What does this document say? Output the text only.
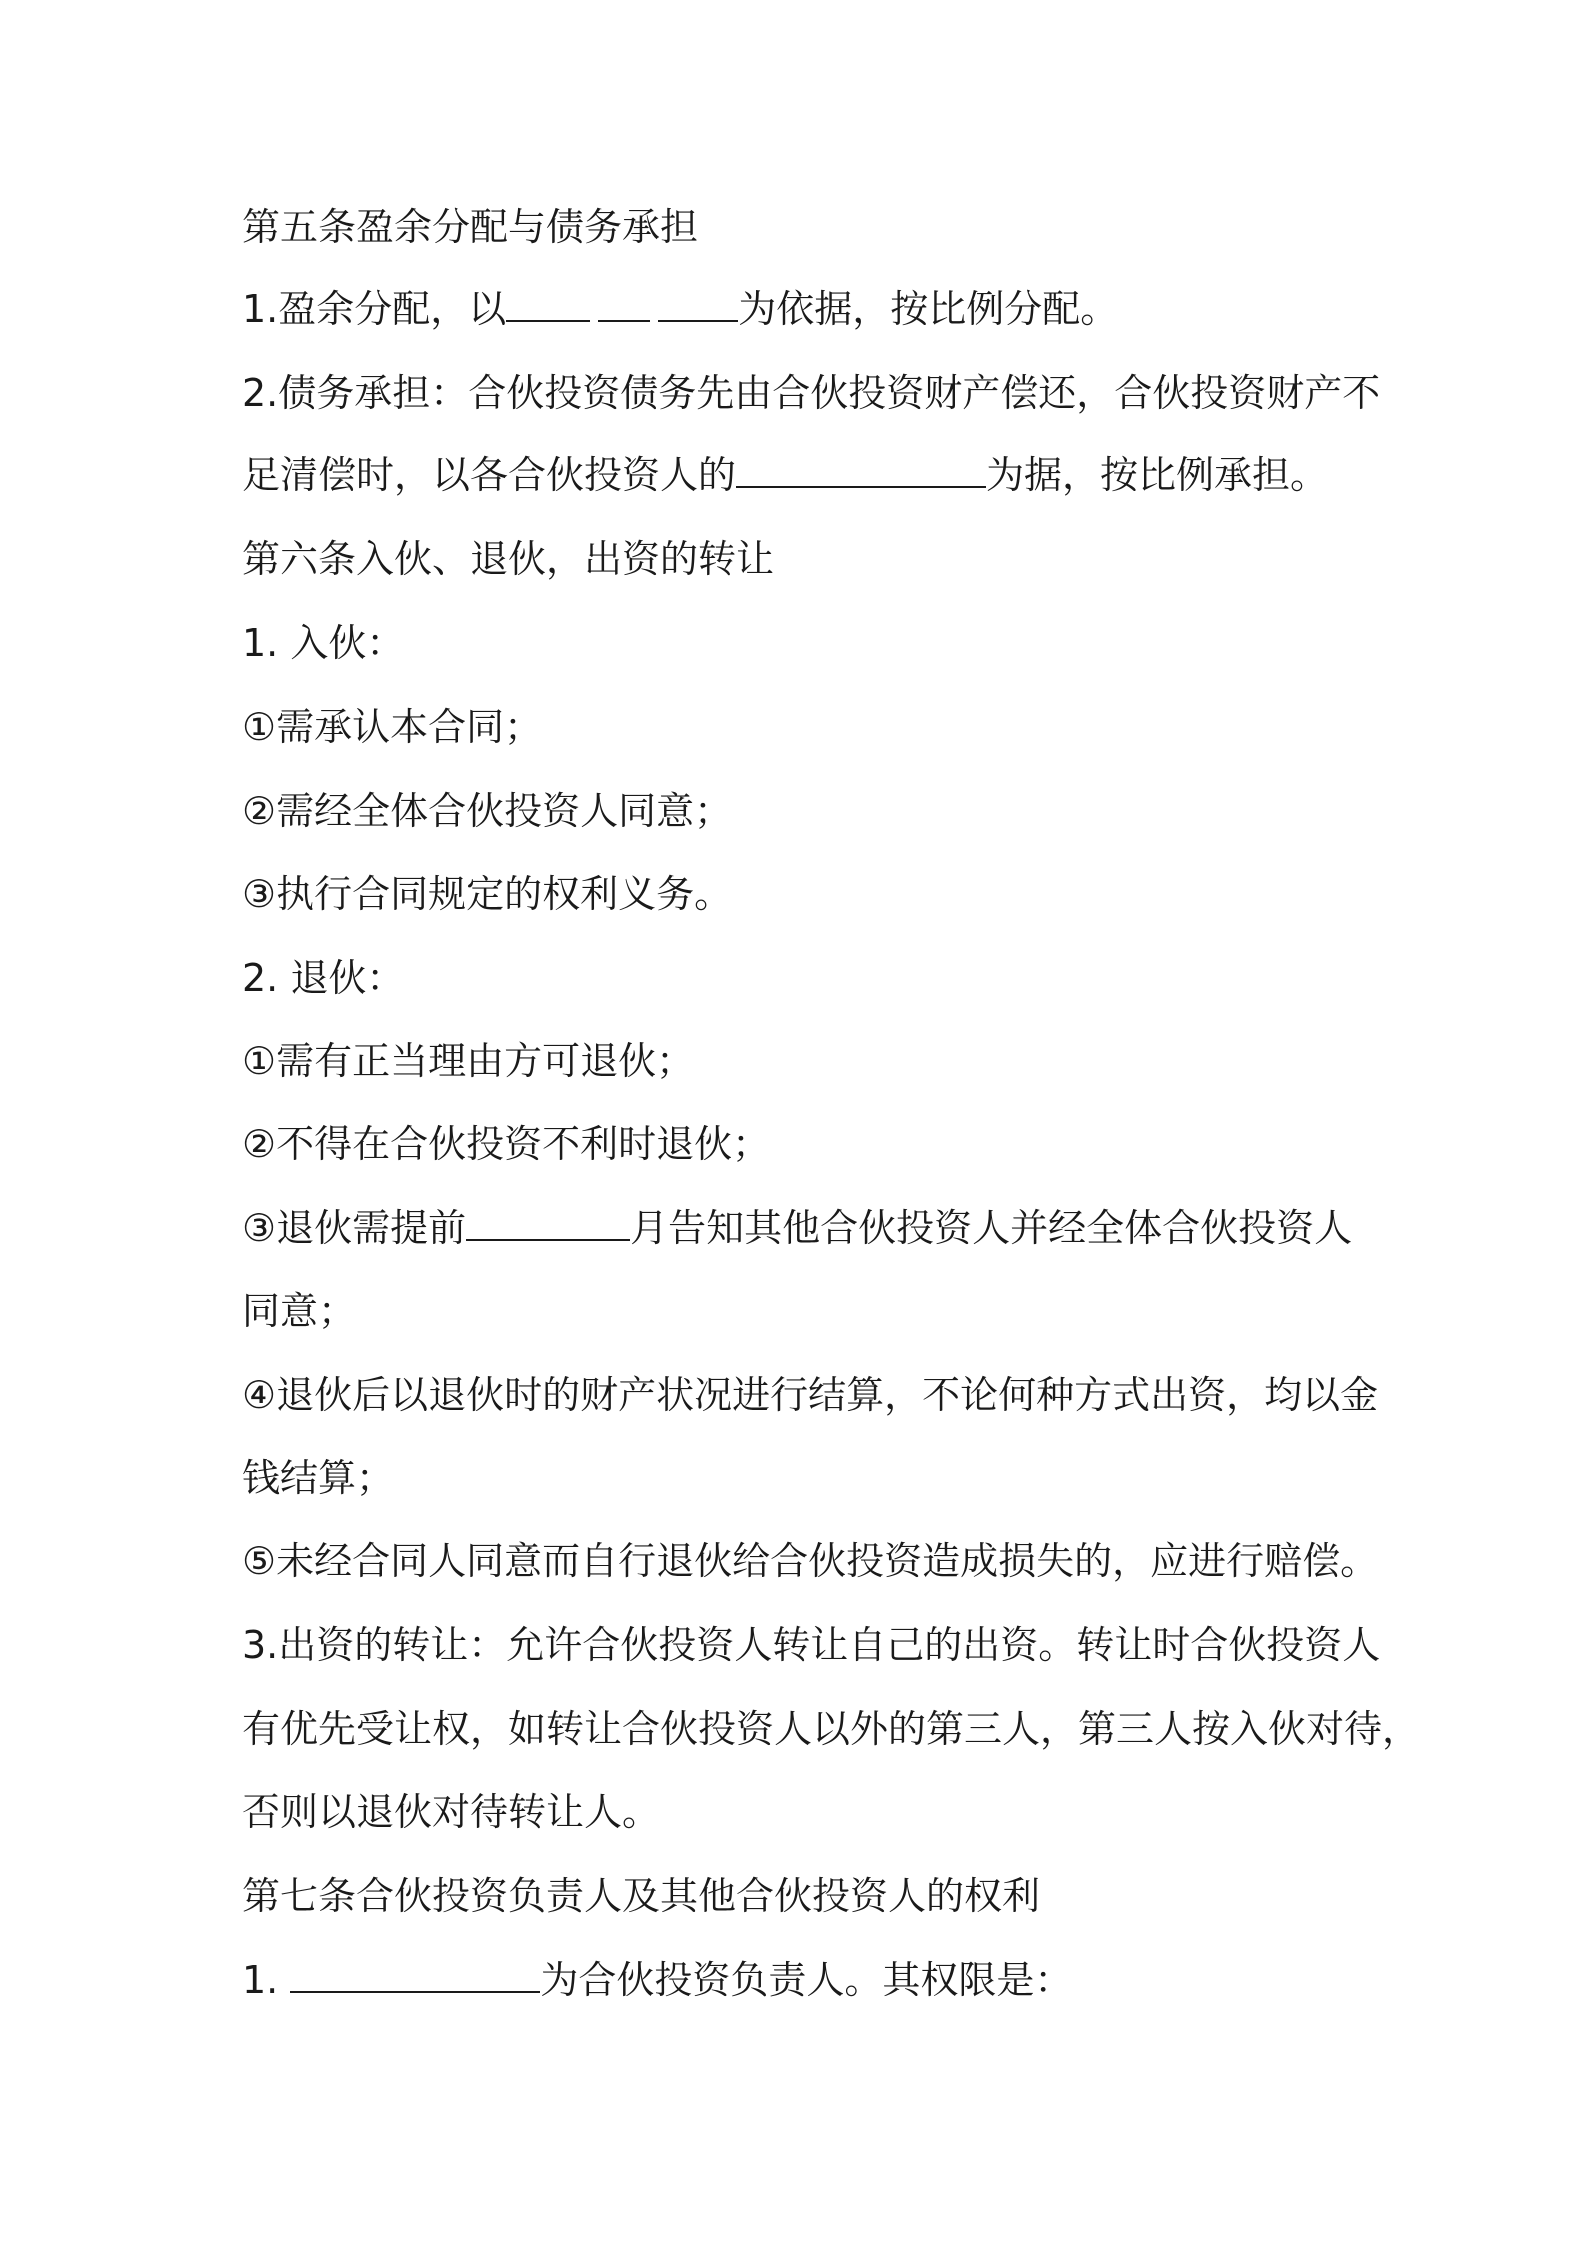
第五条盈余分配与债务承担
1.盈余分配，以	为依据，按比例分配。
2.债务承担：合伙投资债务先由合伙投资财产偿还，合伙投资财产不
足清偿时，以各合伙投资人的	为据，按比例承担。
第六条入伙、退伙，出资的转让
1. 入伙：
①需承认本合同；
②需经全体合伙投资人同意；
③执行合同规定的权利义务。
2. 退伙：
①需有正当理由方可退伙；
②不得在合伙投资不利时退伙；
③退伙需提前	月告知其他合伙投资人并经全体合伙投资人
同意；
④退伙后以退伙时的财产状况进行结算，不论何种方式出资，均以金
钱结算；
⑤未经合同人同意而自行退伙给合伙投资造成损失的，应进行赔偿。
3.出资的转让：允许合伙投资人转让自己的出资。转让时合伙投资人
有优先受让权，如转让合伙投资人以外的第三人，第三人按入伙对待，
否则以退伙对待转让人。
第七条合伙投资负责人及其他合伙投资人的权利
1.	为合伙投资负责人。其权限是：
